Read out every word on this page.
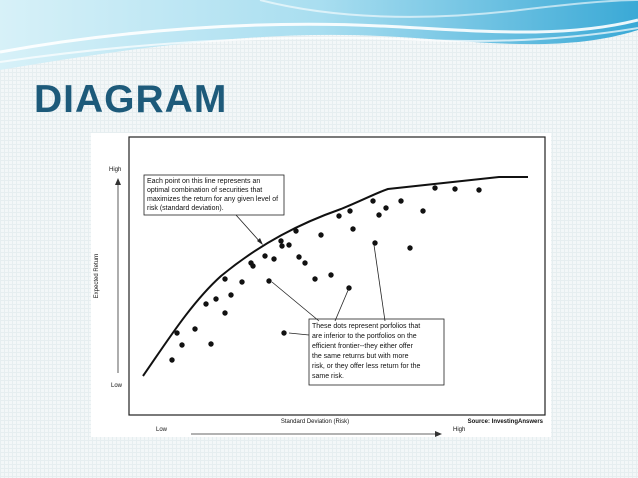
DIAGRAM
Expected Return
High
Low
Standard Deviation (Risk)	Source: InvestingAnswers
Low	High
Each point on this line represents an
optimal combination of securities that
maximizes the return for any given level of
risk (standard deviation).
These dots represent porfolios that
are inferior to the portfolios on the
efficient frontier--they either offer
the same returns but with more
risk, or they offer less return for the
same risk.
